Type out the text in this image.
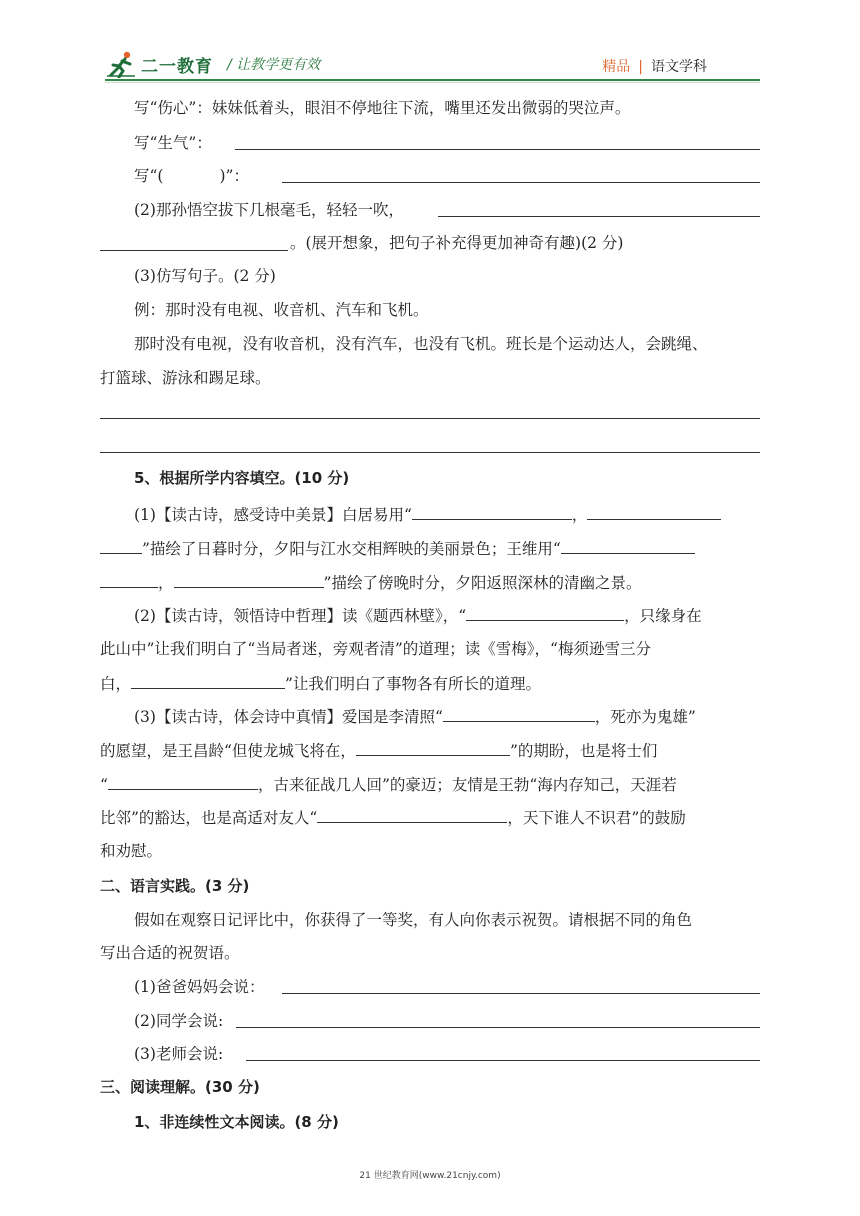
二一教育 / 让教学更有效	精品 | 语文学科
写“伤心”：妹妹低着头，眼泪不停地往下流，嘴里还发出微弱的哭泣声。
写“生气”：
写“(	)”：
(2)那孙悟空拔下几根毫毛，轻轻一吹，
。(展开想象，把句子补充得更加神奇有趣)(2 分)
(3)仿写句子。(2 分)
例：那时没有电视、收音机、汽车和飞机。
那时没有电视，没有收音机，没有汽车，也没有飞机。班长是个运动达人，会跳绳、
打篮球、游泳和踢足球。
5、根据所学内容填空。(10 分)
(1)【读古诗，感受诗中美景】白居易用“	，
”描绘了日暮时分，夕阳与江水交相辉映的美丽景色；王维用“
，	”描绘了傍晚时分，夕阳返照深林的清幽之景。
(2)【读古诗，领悟诗中哲理】读《题西林壁》，“	，只缘身在
此山中”让我们明白了“当局者迷，旁观者清”的道理；读《雪梅》，“梅须逊雪三分
白，	”让我们明白了事物各有所长的道理。
(3)【读古诗，体会诗中真情】爱国是李清照“	，死亦为鬼雄”
的愿望，是王昌龄“但使龙城飞将在，	”的期盼，也是将士们
“	，古来征战几人回”的豪迈；友情是王勃“海内存知己，天涯若
比邻”的豁达，也是高适对友人“	，天下谁人不识君”的鼓励
和劝慰。
二、语言实践。(3 分)
假如在观察日记评比中，你获得了一等奖，有人向你表示祝贺。请根据不同的角色
写出合适的祝贺语。
(1)爸爸妈妈会说：
(2)同学会说:
(3)老师会说:
三、阅读理解。(30 分)
1、非连续性文本阅读。(8 分)
21 世纪教育网(www.21cnjy.com)
